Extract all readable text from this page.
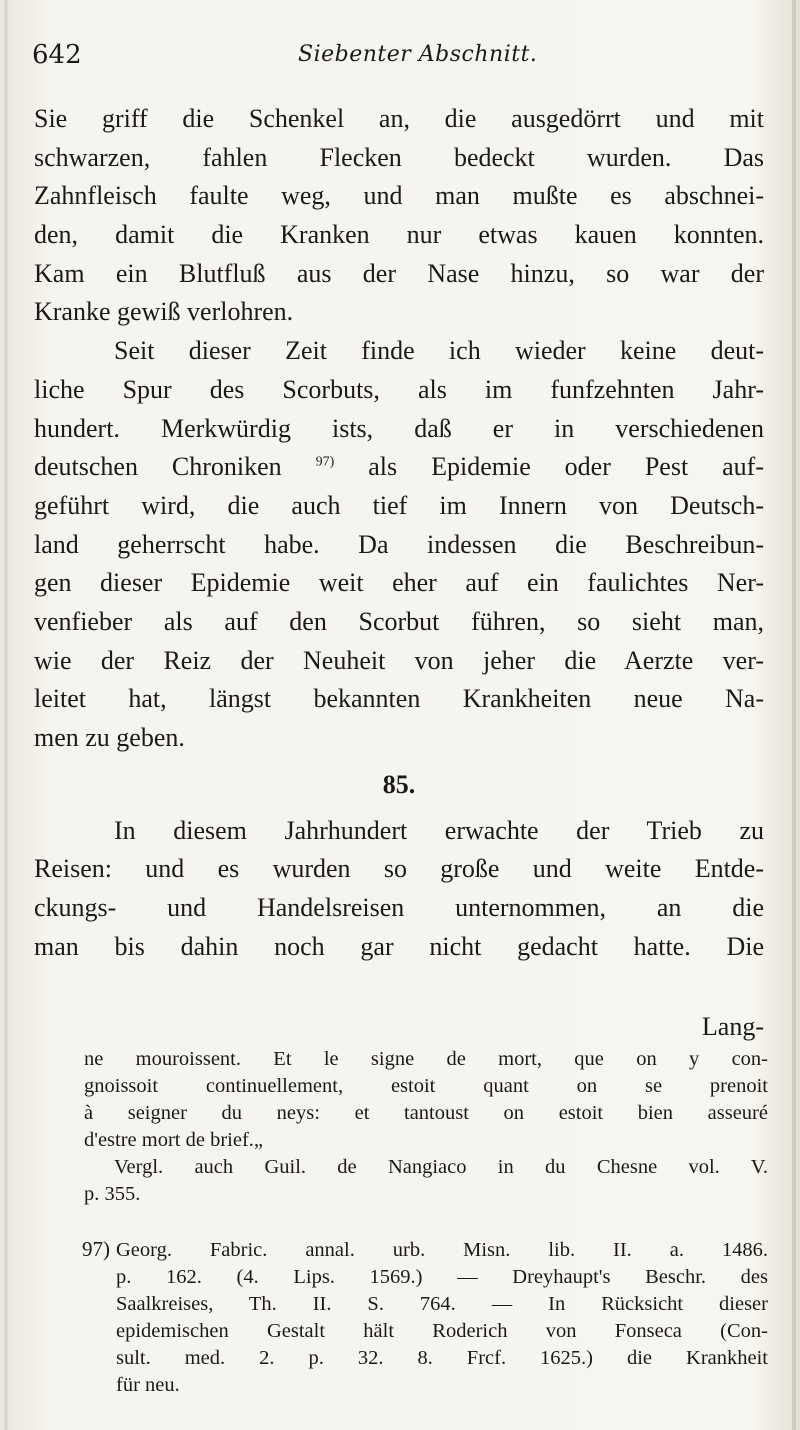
642	Siebenter Abschnitt.
Sie griff die Schenkel an, die ausgedörrt und mit
schwarzen, fahlen Flecken bedeckt wurden. Das
Zahnfleisch faulte weg, und man mußte es abschnei-
den, damit die Kranken nur etwas kauen konnten.
Kam ein Blutfluß aus der Nase hinzu, so war der
Kranke gewiß verlohren.
Seit dieser Zeit finde ich wieder keine deut-
liche Spur des Scorbuts, als im funfzehnten Jahr-
hundert. Merkwürdig ists, daß er in verschiedenen
deutschen Chroniken $^{97)}$ als Epidemie oder Pest auf-
geführt wird, die auch tief im Innern von Deutsch-
land geherrscht habe. Da indessen die Beschreibun-
gen dieser Epidemie weit eher auf ein faulichtes Ner-
venfieber als auf den Scorbut führen, so sieht man,
wie der Reiz der Neuheit von jeher die Aerzte ver-
leitet hat, längst bekannten Krankheiten neue Na-
men zu geben.
85.
In diesem Jahrhundert erwachte der Trieb zu
Reisen: und es wurden so große und weite Entde-
ckungs- und Handelsreisen unternommen, an die
man bis dahin noch gar nicht gedacht hatte. Die
Lang-
ne mouroissent. Et le signe de mort, que on y con-
gnoissoit continuellement, estoit quant on se prenoit
à seigner du neys: et tantoust on estoit bien asseuré
d'estre mort de brief.„
Vergl. auch Guil. de Nangiaco in du Chesne vol. V.
p. 355.
97) Georg. Fabric. annal. urb. Misn. lib. II. a. 1486.
p. 162. (4. Lips. 1569.) — Dreyhaupt's Beschr. des
Saalkreises, Th. II. S. 764. — In Rücksicht dieser
epidemischen Gestalt hält Roderich von Fonseca (Con-
sult. med. 2. p. 32. 8. Frcf. 1625.) die Krankheit
für neu.
